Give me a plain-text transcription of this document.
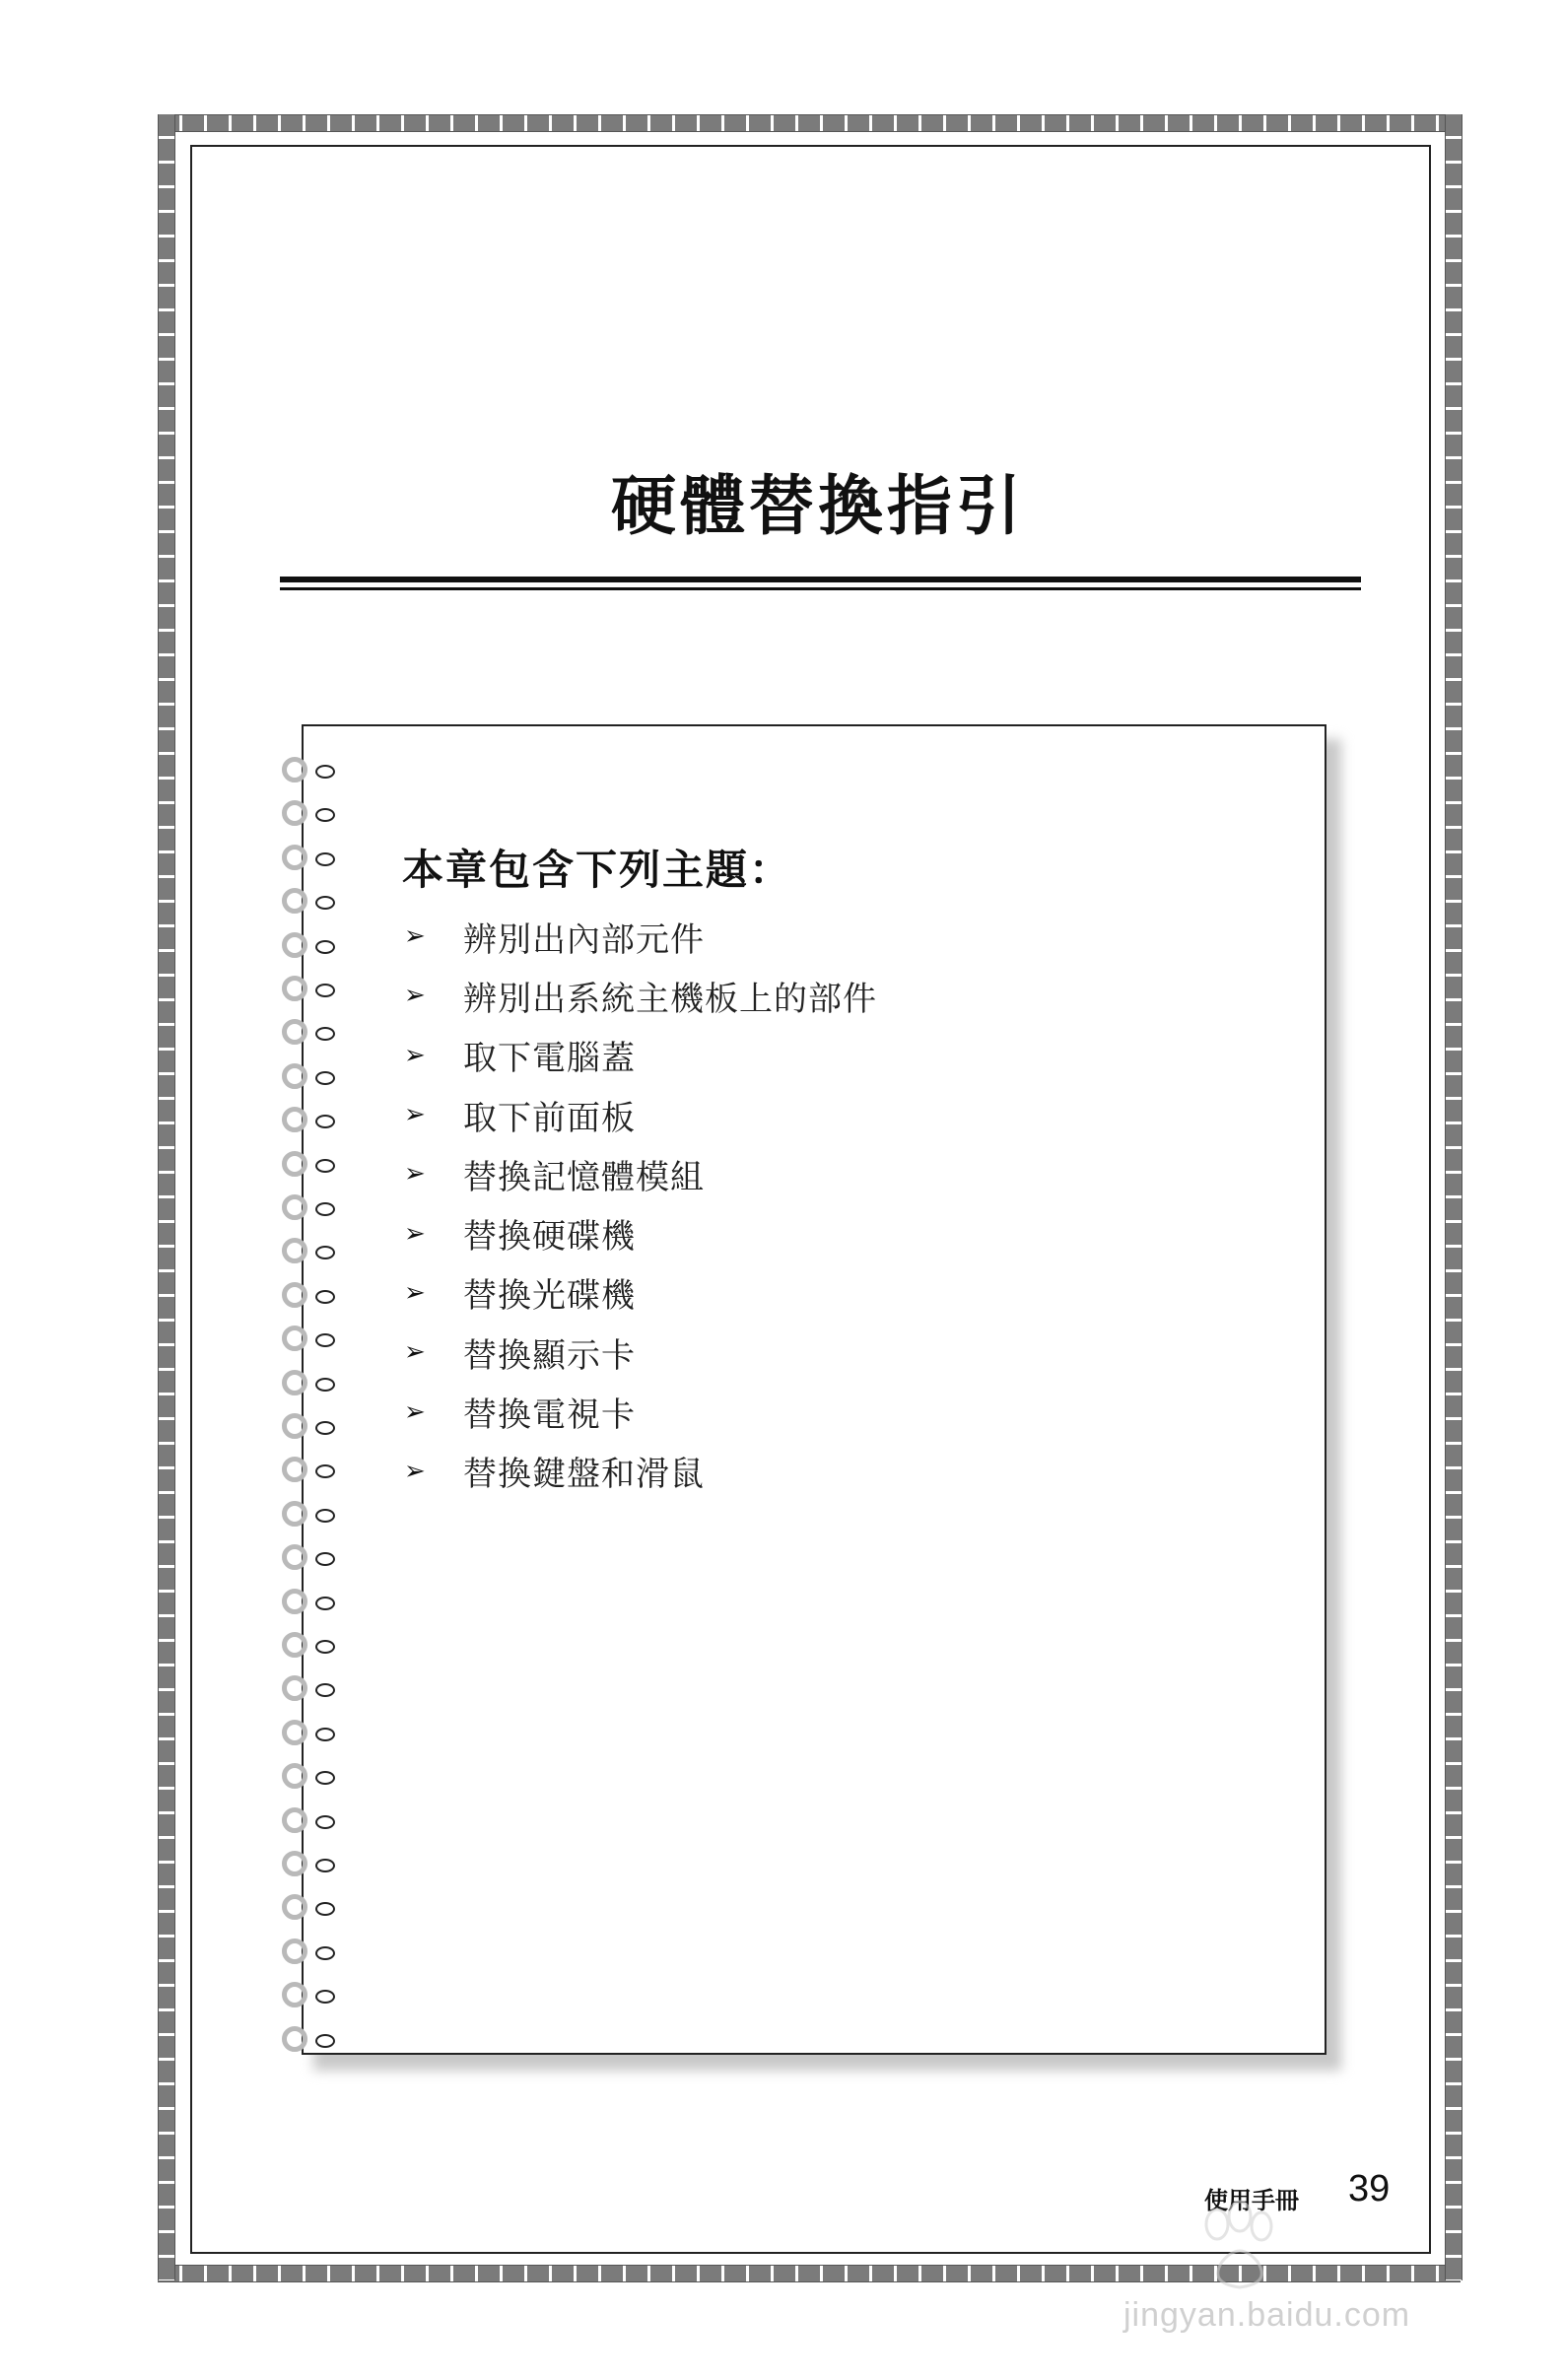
硬體替換指引
本章包含下列主題：
➢	辨別出內部元件
➢	辨別出系統主機板上的部件
➢	取下電腦蓋
➢	取下前面板
➢	替換記憶體模組
➢	替換硬碟機
➢	替換光碟機
➢	替換顯示卡
➢	替換電視卡
➢	替換鍵盤和滑鼠
使用手冊 39
jingyan.baidu.com
